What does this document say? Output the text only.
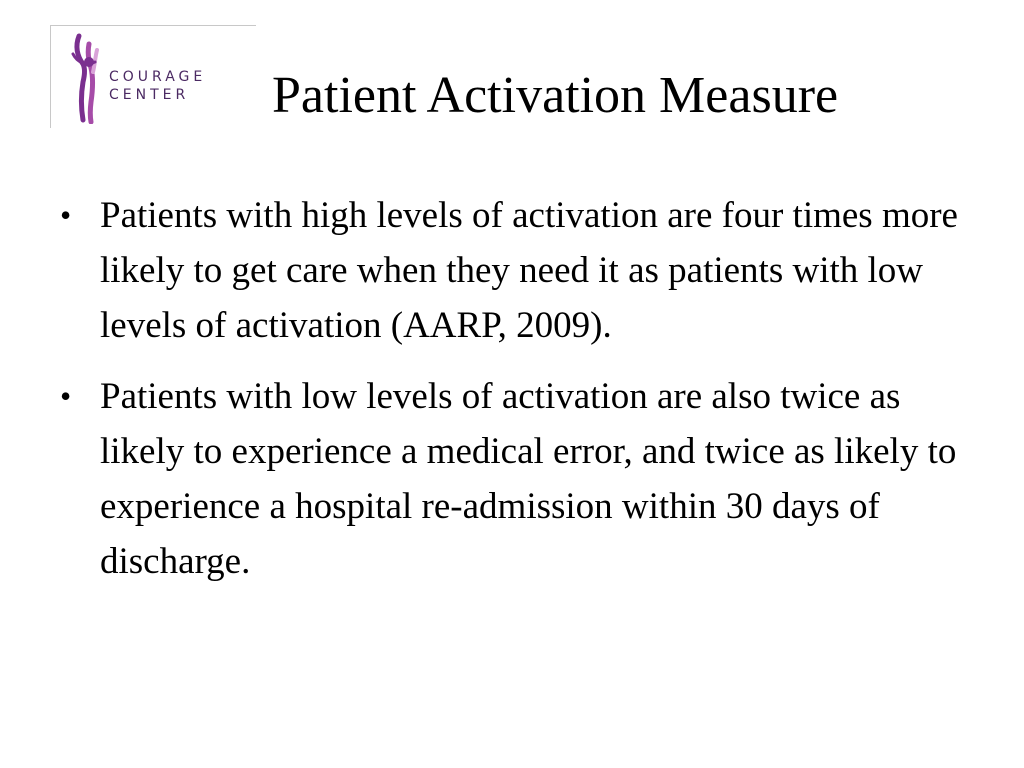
COURAGE
CENTER	Patient Activation Measure
• Patients with high levels of activation are four times more likely to get care when they need it as patients with low levels of activation (AARP, 2009).
• Patients with low levels of activation are also twice as likely to experience a medical error, and twice as likely to experience a hospital re-admission within 30 days of discharge.
